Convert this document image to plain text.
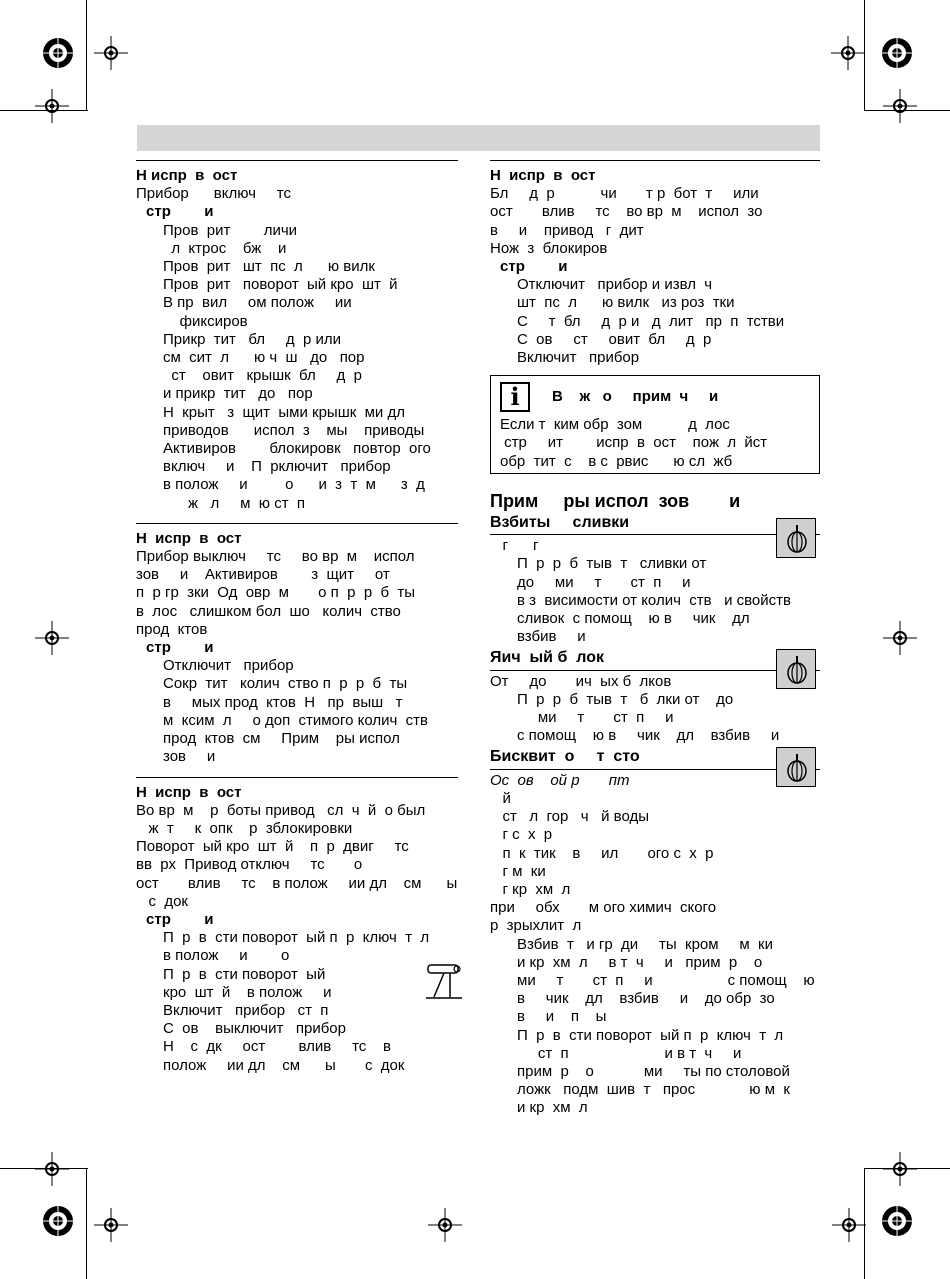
Н испр  в  ост
Прибор      включ     тс
стр        и
Пров  рит        личи
л  ктрос    бж    и
Пров  рит   шт  пс  л      ю вилк
Пров  рит   поворот  ый кро  шт  й
В пр  вил     ом полож     ии
фиксиров
Прикр  тит   бл     д  р или
см  сит  л      ю ч  ш   до   пор
ст    овит   крышк  бл     д  р
и прикр  тит   до   пор
Н  крыт   з  щит  ыми крышк  ми дл
приводов      испол  з    мы    приводы
Активиров        блокировк   повтор  ого
включ     и    П  рключит   прибор
в полож     и         о      и  з  т  м      з  д
ж   л     м  ю ст  п
Н  испр  в  ост
Прибор выключ     тс     во вр  м    испол
зов     и    Активиров        з  щит     от
п  р гр  зки  Од  овр  м       о п  р  р  б  ты
в  лос   слишком бол  шо   колич  ство
прод  ктов
стр        и
Отключит   прибор
Сокр  тит   колич  ство п  р  р  б  ты
в     мых прод  ктов  Н   пр  выш   т
м  ксим  л     о доп  стимого колич  ств
прод  ктов  см     Прим    ры испол
зов     и
Н  испр  в  ост
Во вр  м    р  боты привод   сл  ч  й  о был
ж  т     к  опк    р  зблокировки
Поворот  ый кро  шт  й    п  р  двиг     тс
вв  рх  Привод отключ     тс       о
ост       влив     тс    в полож     ии дл    см      ы
с  док
стр        и
П  р  в  сти поворот  ый п  р  ключ  т  л
в полож     и        о
П  р  в  сти поворот  ый
кро  шт  й    в полож     и
Включит   прибор   ст  п
С  ов    выключит   прибор
Н    с  дк     ост        влив     тс    в
полож     ии дл    см      ы       с  док
Н  испр  в  ост
Бл     д  р           чи       т р  бот  т     или
ост       влив     тс    во вр  м    испол  зо
в     и    привод   г  дит
Нож  з  блокиров
стр        и
Отключит   прибор и извл  ч
шт  пс  л      ю вилк   из роз  тки
С     т  бл     д  р и   д  лит   пр  п  тстви
С  ов     ст     овит  бл     д  р
Включит   прибор
i	В    ж   о     прим  ч     и
Если т  ким обр  зом           д  лос
стр     ит        испр  в  ост    пож  л  йст
обр  тит  с    в с  рвис      ю сл  жб
Прим     ры испол  зов        и
Взбиты     сливки
г      г
П  р  р  б  тыв  т   сливки от
до     ми     т       ст  п     и
в з  висимости от колич  ств   и свойств
сливок  с помощ    ю в     чик    дл
взбив     и
Яич  ый б  лок
От     до       ич  ых б  лков
П  р  р  б  тыв  т   б  лки от    до
ми     т       ст  п     и
с помощ    ю в     чик    дл    взбив     и
Бисквит  о     т  сто
Ос  ов    ой р       пт
й
ст   л  гор   ч   й воды
г с  х  р
п  к  тик    в     ил       ого с  х  р
г м  ки
г кр  хм  л
при     обх       м ого химич  ского
р  зрыхлит  л
Взбив  т   и гр  ди     ты  кром     м  ки
и кр  хм  л     в т  ч     и   прим  р    о
ми     т       ст  п     и                  с помощ    ю
в     чик    дл    взбив     и    до обр  зо
в     и    п    ы
П  р  в  сти поворот  ый п  р  ключ  т  л
ст  п                       и в т  ч     и
прим  р    о            ми     ты по столовой
ложк   подм  шив  т   прос             ю м  к
и кр  хм  л
